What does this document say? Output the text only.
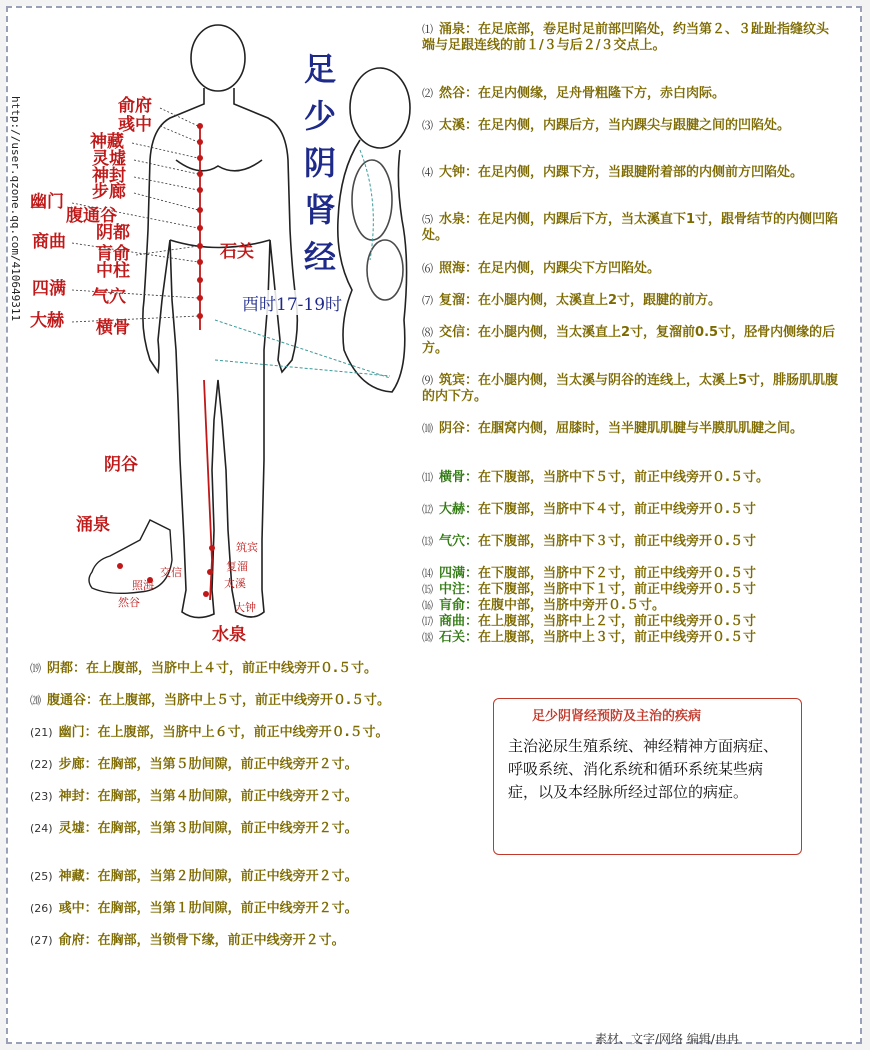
http://user.qzone.qq.com/410649311
足少阴肾经
酉时17-19时
俞府
彧中
神藏
灵墟
神封
步廊
幽门
腹通谷
阴都
商曲
肓俞	石关
中柱
四满 气穴
大赫 横骨
阴谷
涌泉
水泉
筑宾
复溜
交信
太溪
照海
然谷	大钟
⑴ 涌泉：在足底部，卷足时足前部凹陷处，约当第２、３趾趾指缝纹头端与足跟连线的前１/３与后２/３交点上。
⑵ 然谷：在足内侧缘，足舟骨粗隆下方，赤白肉际。
⑶ 太溪：在足内侧，内踝后方，当内踝尖与跟腱之间的凹陷处。
⑷ 大钟：在足内侧，内踝下方，当跟腱附着部的内侧前方凹陷处。
⑸ 水泉：在足内侧，内踝后下方，当太溪直下1寸，跟骨结节的内侧凹陷处。
⑹ 照海：在足内侧，内踝尖下方凹陷处。
⑺ 复溜：在小腿内侧，太溪直上2寸，跟腱的前方。
⑻ 交信：在小腿内侧，当太溪直上2寸，复溜前0.5寸，胫骨内侧缘的后方。
⑼ 筑宾：在小腿内侧，当太溪与阴谷的连线上，太溪上5寸，腓肠肌肌腹的内下方。
⑽ 阴谷：在腘窝内侧，屈膝时，当半腱肌肌腱与半膜肌肌腱之间。
⑾ 横骨：在下腹部，当脐中下５寸，前正中线旁开０.５寸。
⑿ 大赫：在下腹部，当脐中下４寸，前正中线旁开０.５寸
⒀ 气穴：在下腹部，当脐中下３寸，前正中线旁开０.５寸
⒁ 四满：在下腹部，当脐中下２寸，前正中线旁开０.５寸
⒂ 中注：在下腹部，当脐中下１寸，前正中线旁开０.５寸
⒃ 肓俞：在腹中部，当脐中旁开０.５寸。
⒄ 商曲：在上腹部，当脐中上２寸，前正中线旁开０.５寸
⒅ 石关：在上腹部，当脐中上３寸，前正中线旁开０.５寸
⒆ 阴都：在上腹部，当脐中上４寸，前正中线旁开０.５寸。
⒇ 腹通谷：在上腹部，当脐中上５寸，前正中线旁开０.５寸。
(21) 幽门：在上腹部，当脐中上６寸，前正中线旁开０.５寸。
(22) 步廊：在胸部，当第５肋间隙，前正中线旁开２寸。
(23) 神封：在胸部，当第４肋间隙，前正中线旁开２寸。
(24) 灵墟：在胸部，当第３肋间隙，前正中线旁开２寸。
(25) 神藏：在胸部，当第２肋间隙，前正中线旁开２寸。
(26) 彧中：在胸部，当第１肋间隙，前正中线旁开２寸。
(27) 俞府：在胸部，当锁骨下缘，前正中线旁开２寸。
足少阴肾经预防及主治的疾病
主治泌尿生殖系统、神经精神方面病症、呼吸系统、消化系统和循环系统某些病症，以及本经脉所经过部位的病症。
素材、文字/网络 编辑/冉冉
